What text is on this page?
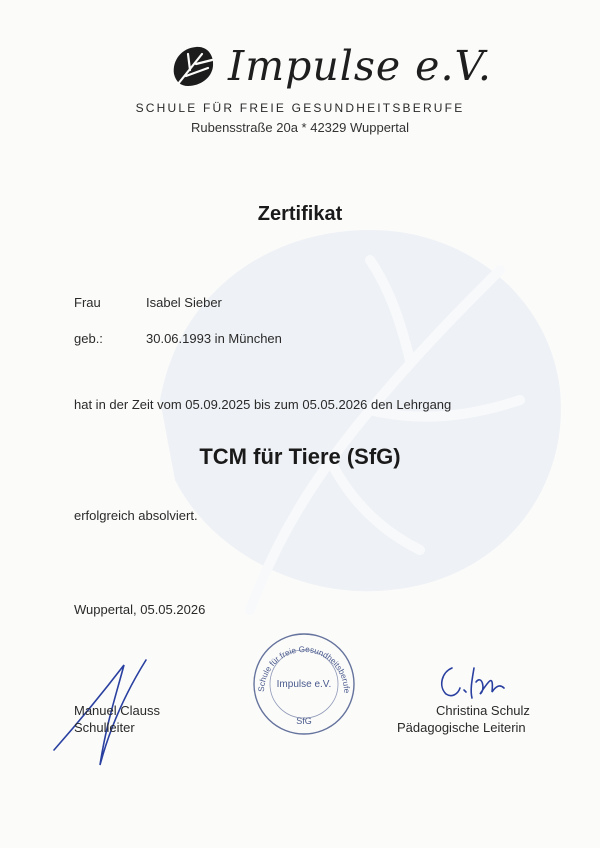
Impulse e.V.
SCHULE FÜR FREIE GESUNDHEITSBERUFE
Rubensstraße 20a * 42329 Wuppertal
Zertifikat
Frau	Isabel Sieber
geb.:	30.06.1993 in München
hat in der Zeit vom 05.09.2025 bis zum 05.05.2026 den Lehrgang
TCM für Tiere (SfG)
erfolgreich absolviert.
Wuppertal, 05.05.2026
Schule für freie Gesundheitsberufe
Impulse e.V.
SfG
Manuel Clauss
Schulleiter
Christina Schulz
Pädagogische Leiterin
